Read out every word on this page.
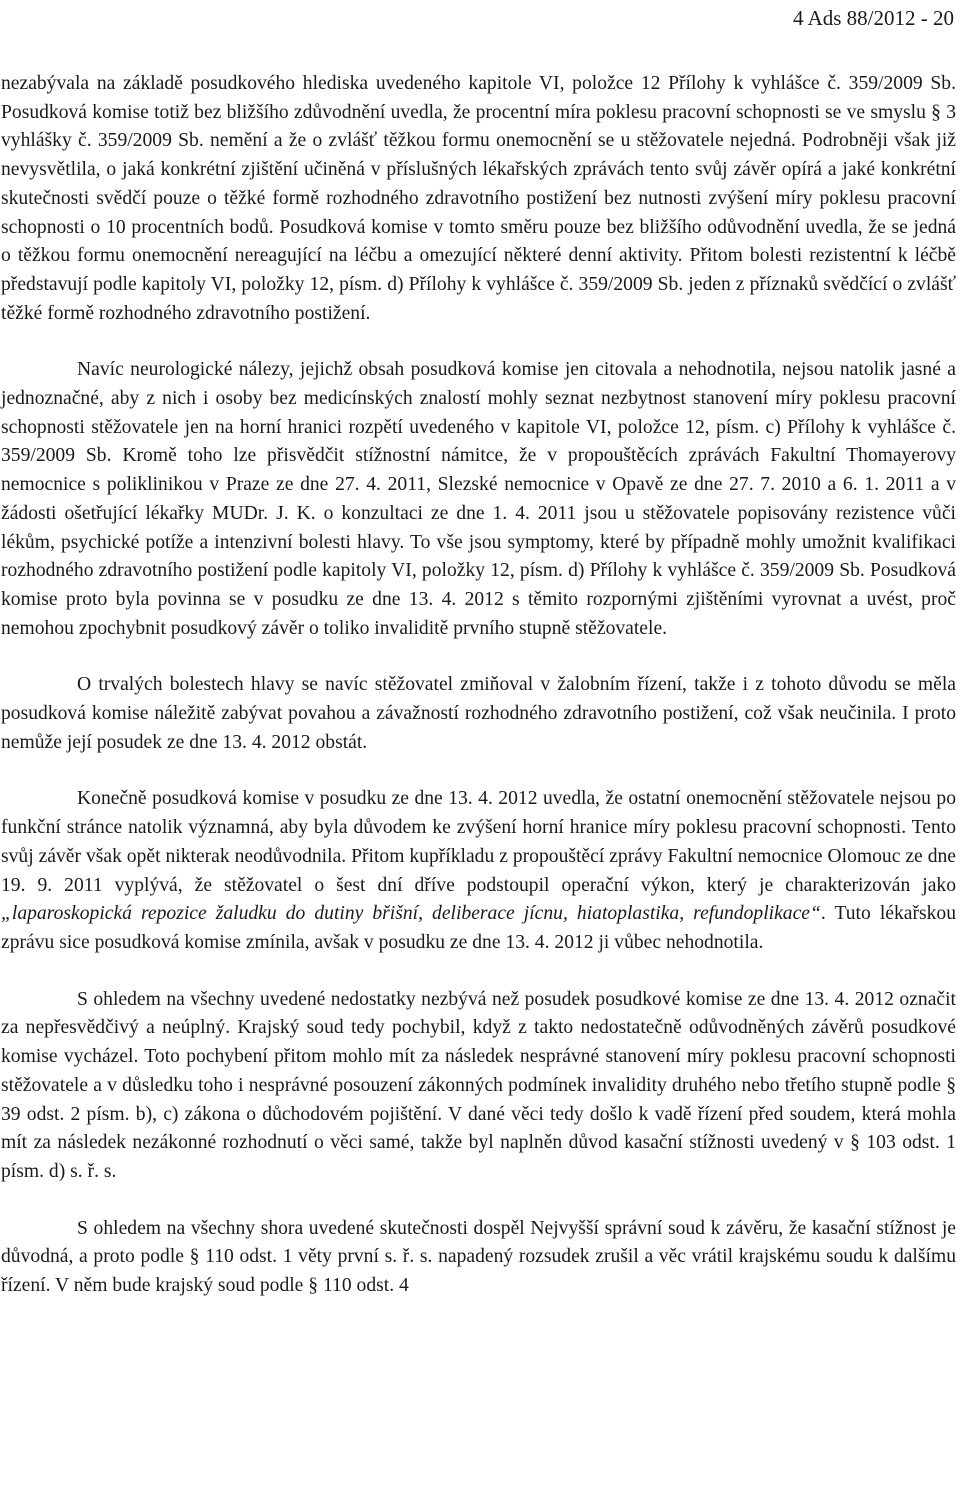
4 Ads 88/2012 - 20

nezabývala na základě posudkového hlediska uvedeného kapitole VI, položce 12 Přílohy k vyhlášce č. 359/2009 Sb. Posudková komise totiž bez bližšího zdůvodnění uvedla, že procentní míra poklesu pracovní schopnosti se ve smyslu § 3 vyhlášky č. 359/2009 Sb. nemění a že o zvlášť těžkou formu onemocnění se u stěžovatele nejedná. Podrobněji však již nevysvětlila, o jaká konkrétní zjištění učiněná v příslušných lékařských zprávách tento svůj závěr opírá a jaké konkrétní skutečnosti svědčí pouze o těžké formě rozhodného zdravotního postižení bez nutnosti zvýšení míry poklesu pracovní schopnosti o 10 procentních bodů. Posudková komise v tomto směru pouze bez bližšího odůvodnění uvedla, že se jedná o těžkou formu onemocnění nereagující na léčbu a omezující některé denní aktivity. Přitom bolesti rezistentní k léčbě představují podle kapitoly VI, položky 12, písm. d) Přílohy k vyhlášce č. 359/2009 Sb. jeden z příznaků svědčící o zvlášť těžké formě rozhodného zdravotního postižení.

Navíc neurologické nálezy, jejichž obsah posudková komise jen citovala a nehodnotila, nejsou natolik jasné a jednoznačné, aby z nich i osoby bez medicínských znalostí mohly seznat nezbytnost stanovení míry poklesu pracovní schopnosti stěžovatele jen na horní hranici rozpětí uvedeného v kapitole VI, položce 12, písm. c) Přílohy k vyhlášce č. 359/2009 Sb. Kromě toho lze přisvědčit stížnostní námitce, že v propouštěcích zprávách Fakultní Thomayerovy nemocnice s poliklinikou v Praze ze dne 27. 4. 2011, Slezské nemocnice v Opavě ze dne 27. 7. 2010 a 6. 1. 2011 a v žádosti ošetřující lékařky MUDr. J. K. o konzultaci ze dne 1. 4. 2011 jsou u stěžovatele popisovány rezistence vůči lékům, psychické potíže a intenzivní bolesti hlavy. To vše jsou symptomy, které by případně mohly umožnit kvalifikaci rozhodného zdravotního postižení podle kapitoly VI, položky 12, písm. d) Přílohy k vyhlášce č. 359/2009 Sb. Posudková komise proto byla povinna se v posudku ze dne 13. 4. 2012 s těmito rozpornými zjištěními vyrovnat a uvést, proč nemohou zpochybnit posudkový závěr o toliko invaliditě prvního stupně stěžovatele.

O trvalých bolestech hlavy se navíc stěžovatel zmiňoval v žalobním řízení, takže i z tohoto důvodu se měla posudková komise náležitě zabývat povahou a závažností rozhodného zdravotního postižení, což však neučinila. I proto nemůže její posudek ze dne 13. 4. 2012 obstát.

Konečně posudková komise v posudku ze dne 13. 4. 2012 uvedla, že ostatní onemocnění stěžovatele nejsou po funkční stránce natolik významná, aby byla důvodem ke zvýšení horní hranice míry poklesu pracovní schopnosti. Tento svůj závěr však opět nikterak neodůvodnila. Přitom kupříkladu z propouštěcí zprávy Fakultní nemocnice Olomouc ze dne 19. 9. 2011 vyplývá, že stěžovatel o šest dní dříve podstoupil operační výkon, který je charakterizován jako „laparoskopická repozice žaludku do dutiny břišní, deliberace jícnu, hiatoplastika, refundoplikace“. Tuto lékařskou zprávu sice posudková komise zmínila, avšak v posudku ze dne 13. 4. 2012 ji vůbec nehodnotila.

S ohledem na všechny uvedené nedostatky nezbývá než posudek posudkové komise ze dne 13. 4. 2012 označit za nepřesvědčivý a neúplný. Krajský soud tedy pochybil, když z takto nedostatečně odůvodněných závěrů posudkové komise vycházel. Toto pochybení přitom mohlo mít za následek nesprávné stanovení míry poklesu pracovní schopnosti stěžovatele a v důsledku toho i nesprávné posouzení zákonných podmínek invalidity druhého nebo třetího stupně podle § 39 odst. 2 písm. b), c) zákona o důchodovém pojištění. V dané věci tedy došlo k vadě řízení před soudem, která mohla mít za následek nezákonné rozhodnutí o věci samé, takže byl naplněn důvod kasační stížnosti uvedený v § 103 odst. 1 písm. d) s. ř. s.

S ohledem na všechny shora uvedené skutečnosti dospěl Nejvyšší správní soud k závěru, že kasační stížnost je důvodná, a proto podle § 110 odst. 1 věty první s. ř. s. napadený rozsudek zrušil a věc vrátil krajskému soudu k dalšímu řízení. V něm bude krajský soud podle § 110 odst. 4
